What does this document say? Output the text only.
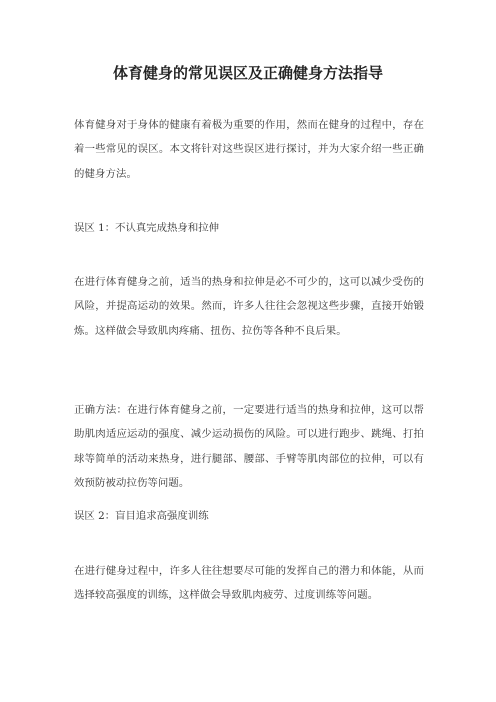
体育健身的常见误区及正确健身方法指导

体育健身对于身体的健康有着极为重要的作用，然而在健身的过程中，存在着一些常见的误区。本文将针对这些误区进行探讨，并为大家介绍一些正确的健身方法。

误区 1：不认真完成热身和拉伸

在进行体育健身之前，适当的热身和拉伸是必不可少的，这可以减少受伤的风险，并提高运动的效果。然而，许多人往往会忽视这些步骤，直接开始锻炼。这样做会导致肌肉疼痛、扭伤、拉伤等各种不良后果。

正确方法：在进行体育健身之前，一定要进行适当的热身和拉伸，这可以帮助肌肉适应运动的强度、减少运动损伤的风险。可以进行跑步、跳绳、打拍球等简单的活动来热身，进行腿部、腰部、手臂等肌肉部位的拉伸，可以有效预防被动拉伤等问题。

误区 2：盲目追求高强度训练

在进行健身过程中，许多人往往想要尽可能的发挥自己的潜力和体能，从而选择较高强度的训练，这样做会导致肌肉疲劳、过度训练等问题。
